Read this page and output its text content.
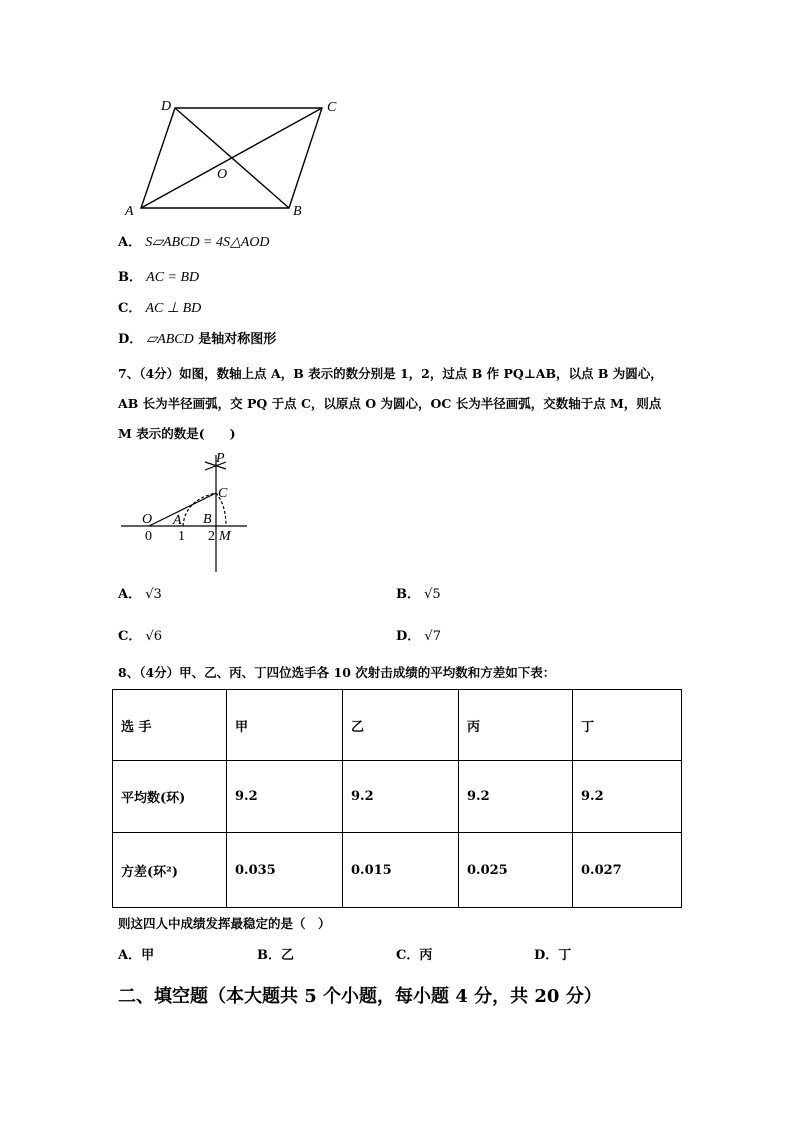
D	C
O
A	B
P
C
O A B
M
0 1 2
A． S▱ABCD = 4S△AOD
B． AC = BD
C． AC ⊥ BD
D． ▱ABCD 是轴对称图形
7、（4分）如图，数轴上点 A，B 表示的数分别是 1，2，过点 B 作 PQ⊥AB，以点 B 为圆心，
AB 长为半径画弧，交 PQ 于点 C，以原点 O 为圆心，OC 长为半径画弧，交数轴于点 M，则点
M 表示的数是(　　)
A． √3	B． √5
C． √6	D． √7
8、（4分）甲、乙、丙、丁四位选手各 10 次射击成绩的平均数和方差如下表：
选 手	甲	乙	丙	丁
平均数(环)	9.2	9.2	9.2	9.2
方差(环²)	0.035	0.015	0.025	0.027
则这四人中成绩发挥最稳定的是（　）
A．甲	B．乙	C．丙	D．丁
二、填空题（本大题共 5 个小题，每小题 4 分，共 20 分）
